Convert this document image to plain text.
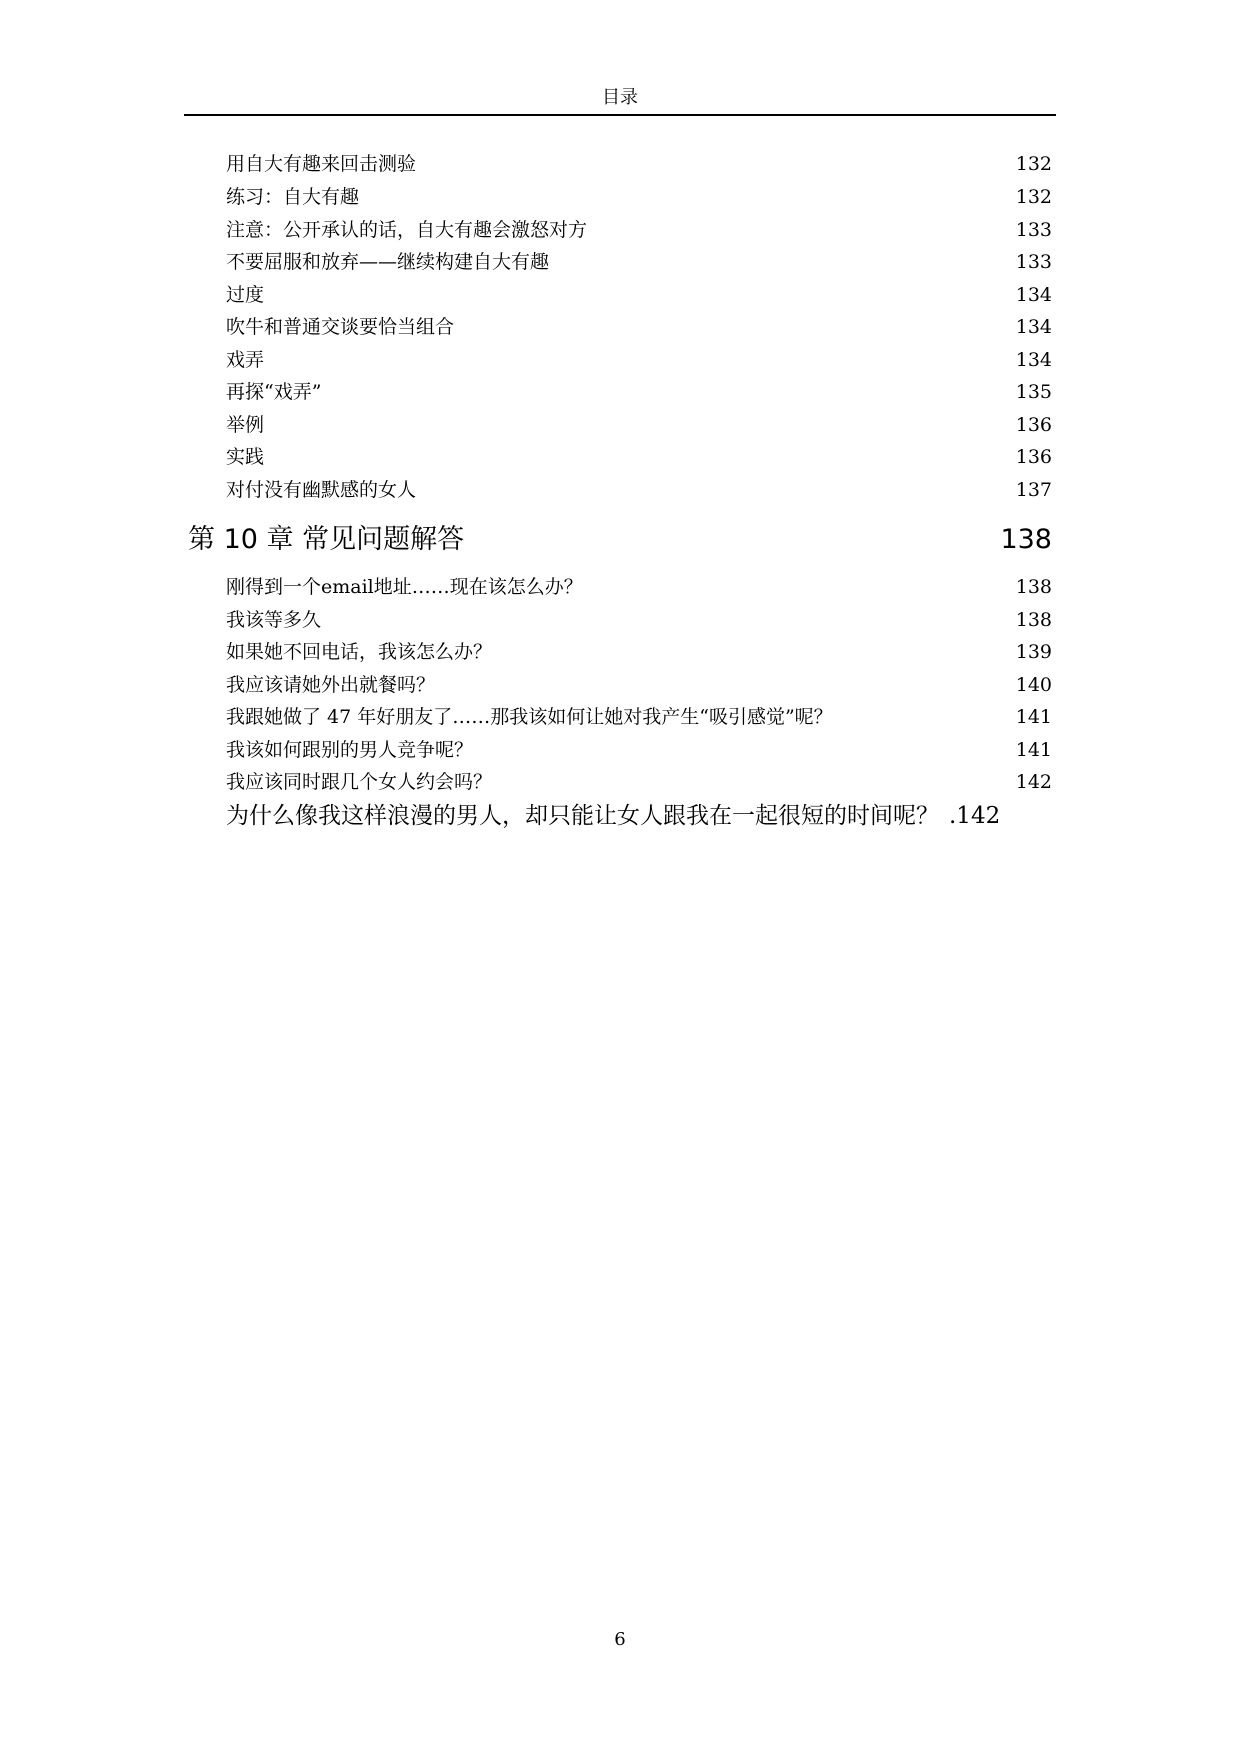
目录
用自大有趣来回击测验 .....	132
练习：自大有趣 .....	132
注意：公开承认的话，自大有趣会激怒对方 .....	133
不要屈服和放弃——继续构建自大有趣 .....	133
过度 .....	134
吹牛和普通交谈要恰当组合 .....	134
戏弄 .....	134
再探“戏弄” .....	135
举例 .....	136
实践 .....	136
对付没有幽默感的女人 .....	137
第 10 章 常见问题解答 .....	138
刚得到一个email地址……现在该怎么办？ .....	138
我该等多久 .....	138
如果她不回电话，我该怎么办？ .....	139
我应该请她外出就餐吗？ .....	140
我跟她做了 47 年好朋友了……那我该如何让她对我产生“吸引感觉”呢？ .....	141
我该如何跟别的男人竞争呢？ .....	141
我应该同时跟几个女人约会吗？ .....	142
为什么像我这样浪漫的男人，却只能让女人跟我在一起很短的时间呢？ .142
6
